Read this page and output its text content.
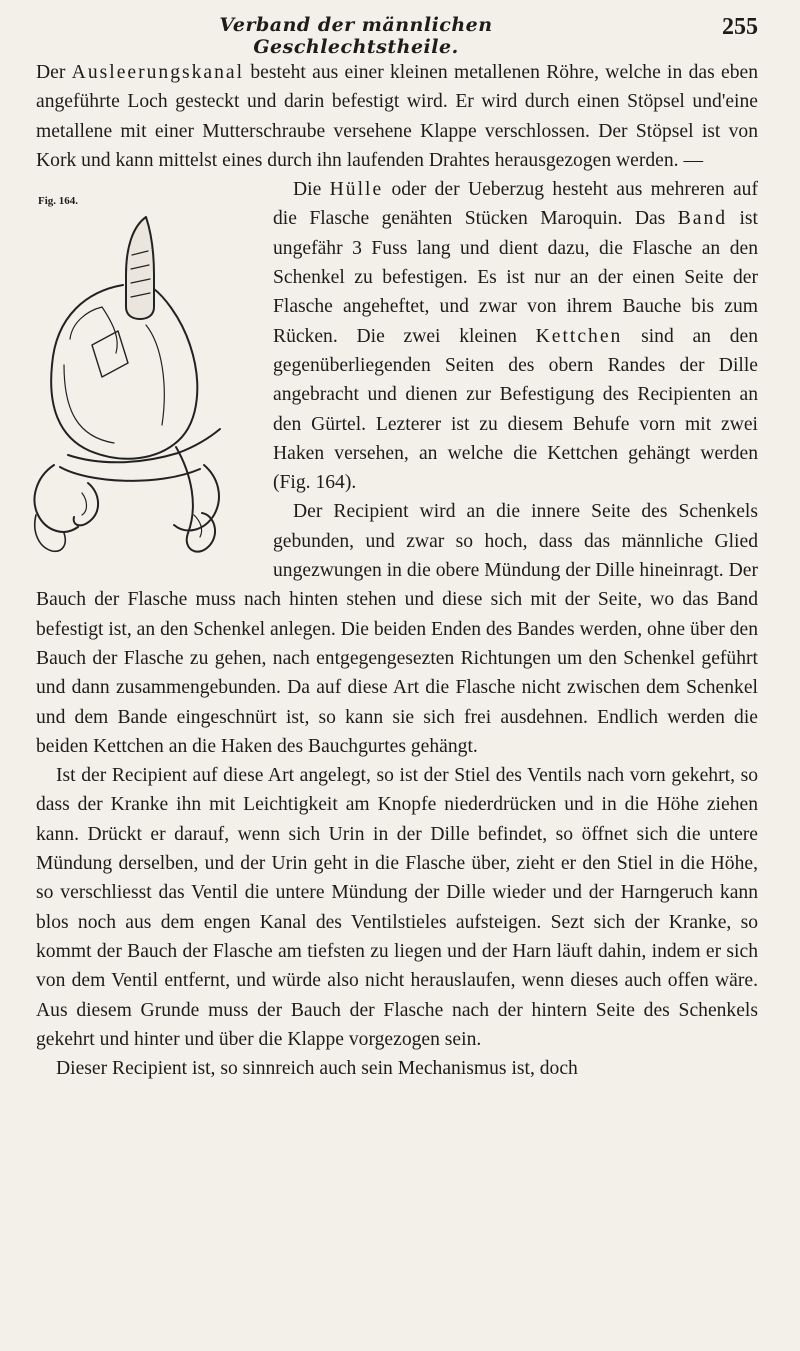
Verband der männlichen Geschlechtstheile.
255

Der Ausleerungskanal besteht aus einer kleinen metallenen Röhre, welche in das eben angeführte Loch gesteckt und darin befestigt wird. Er wird durch einen Stöpsel und'eine metallene mit einer Mutterschraube versehene Klappe verschlossen. Der Stöpsel ist von Kork und kann mittelst eines durch ihn laufenden Drahtes herausgezogen werden. —

Fig. 164.

Die Hülle oder der Ueberzug hesteht aus mehreren auf die Flasche genähten Stücken Maroquin. Das Band ist ungefähr 3 Fuss lang und dient dazu, die Flasche an den Schenkel zu befestigen. Es ist nur an der einen Seite der Flasche angeheftet, und zwar von ihrem Bauche bis zum Rücken. Die zwei kleinen Kettchen sind an den gegenüberliegenden Seiten des obern Randes der Dille angebracht und dienen zur Befestigung des Recipienten an den Gürtel. Lezterer ist zu diesem Behufe vorn mit zwei Haken versehen, an welche die Kettchen gehängt werden (Fig. 164).

Der Recipient wird an die innere Seite des Schenkels gebunden, und zwar so hoch, dass das männliche Glied ungezwungen in die obere Mündung der Dille hineinragt. Der Bauch der Flasche muss nach hinten stehen und diese sich mit der Seite, wo das Band befestigt ist, an den Schenkel anlegen. Die beiden Enden des Bandes werden, ohne über den Bauch der Flasche zu gehen, nach entgegengesezten Richtungen um den Schenkel geführt und dann zusammengebunden. Da auf diese Art die Flasche nicht zwischen dem Schenkel und dem Bande eingeschnürt ist, so kann sie sich frei ausdehnen. Endlich werden die beiden Kettchen an die Haken des Bauchgurtes gehängt.

Ist der Recipient auf diese Art angelegt, so ist der Stiel des Ventils nach vorn gekehrt, so dass der Kranke ihn mit Leichtigkeit am Knopfe niederdrücken und in die Höhe ziehen kann. Drückt er darauf, wenn sich Urin in der Dille befindet, so öffnet sich die untere Mündung derselben, und der Urin geht in die Flasche über, zieht er den Stiel in die Höhe, so verschliesst das Ventil die untere Mündung der Dille wieder und der Harngeruch kann blos noch aus dem engen Kanal des Ventilstieles aufsteigen. Sezt sich der Kranke, so kommt der Bauch der Flasche am tiefsten zu liegen und der Harn läuft dahin, indem er sich von dem Ventil entfernt, und würde also nicht herauslaufen, wenn dieses auch offen wäre. Aus diesem Grunde muss der Bauch der Flasche nach der hintern Seite des Schenkels gekehrt und hinter und über die Klappe vorgezogen sein.

Dieser Recipient ist, so sinnreich auch sein Mechanismus ist, doch
